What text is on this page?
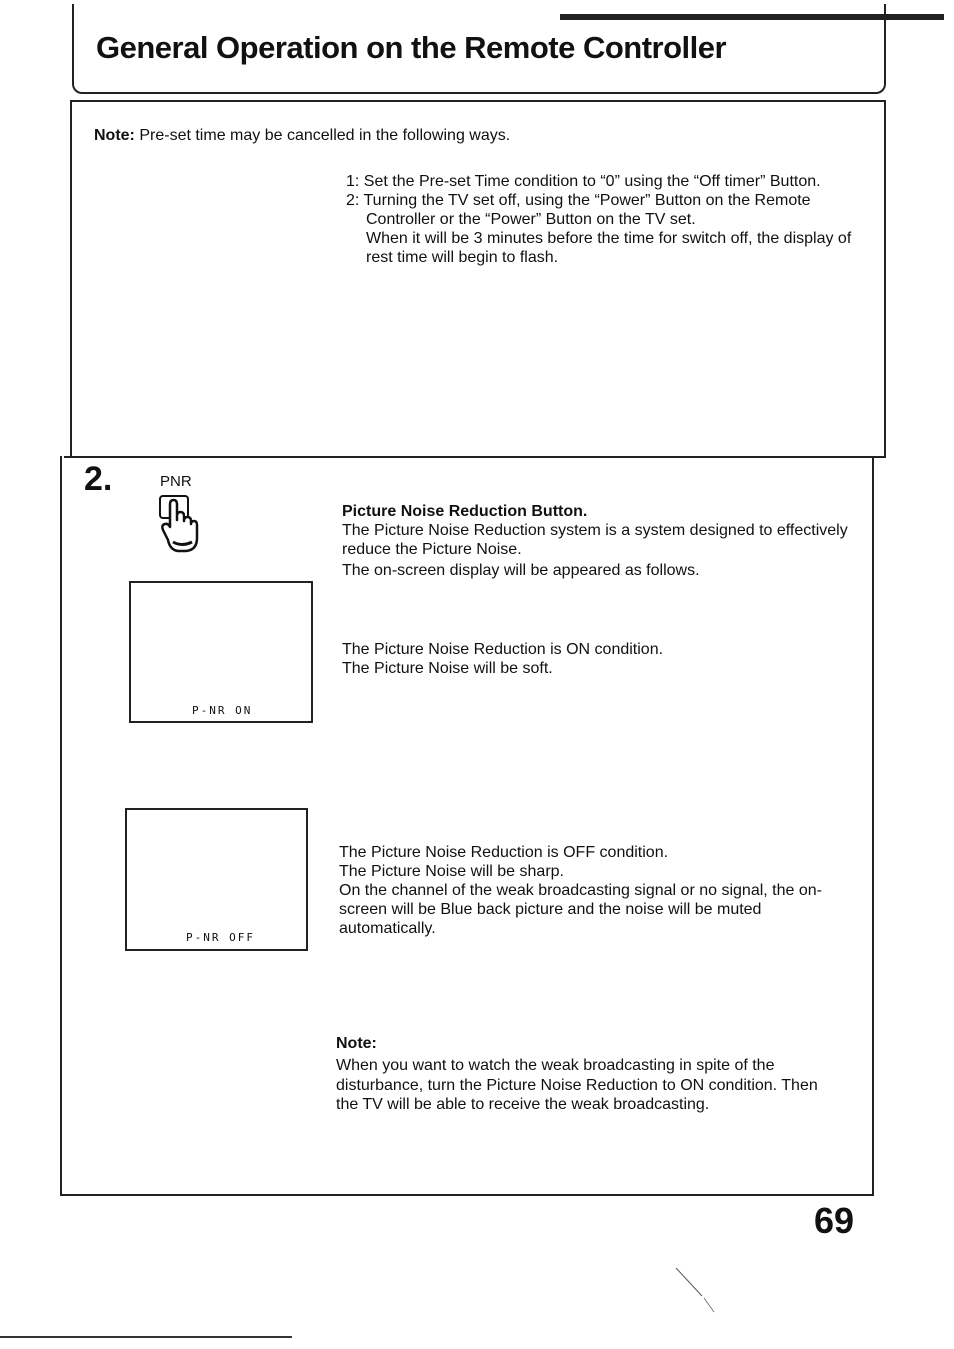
General Operation on the Remote Controller
Note: Pre-set time may be cancelled in the following ways.
1: Set the Pre-set Time condition to “0” using the “Off timer” Button.
2: Turning the TV set off, using the “Power” Button on the Remote
Controller or the “Power” Button on the TV set.
When it will be 3 minutes before the time for switch off, the display of
rest time will begin to flash.
2.	PNR
Picture Noise Reduction Button.
The Picture Noise Reduction system is a system designed to effectively
reduce the Picture Noise.
The on-screen display will be appeared as follows.
P-NR ON
The Picture Noise Reduction is ON condition.
The Picture Noise will be soft.
P-NR OFF
The Picture Noise Reduction is OFF condition.
The Picture Noise will be sharp.
On the channel of the weak broadcasting signal or no signal, the on-
screen will be Blue back picture and the noise will be muted
automatically.
Note:
When you want to watch the weak broadcasting in spite of the
disturbance, turn the Picture Noise Reduction to ON condition. Then
the TV will be able to receive the weak broadcasting.
69
